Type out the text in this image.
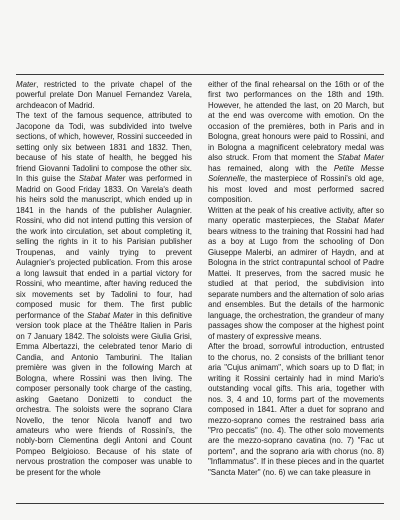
Mater, restricted to the private chapel of the powerful prelate Don Manuel Fernandez Varela, archdeacon of Madrid.

The text of the famous sequence, attributed to Jacopone da Todi, was subdivided into twelve sections, of which, however, Rossini succeeded in setting only six between 1831 and 1832. Then, because of his state of health, he begged his friend Giovanni Tadolini to compose the other six. In this guise the Stabat Mater was performed in Madrid on Good Friday 1833. On Varela's death his heirs sold the manuscript, which ended up in 1841 in the hands of the publisher Aulagnier. Rossini, who did not intend putting this version of the work into circulation, set about completing it, selling the rights in it to his Parisian publisher Troupenas, and vainly trying to prevent Aulagnier's projected publication. From this arose a long lawsuit that ended in a partial victory for Rossini, who meantime, after having reduced the six movements set by Tadolini to four, had composed music for them. The first public performance of the Stabat Mater in this definitive version took place at the Théâtre Italien in Paris on 7 January 1842. The soloists were Giulia Grisi, Emma Albertazzi, the celebrated tenor Mario di Candia, and Antonio Tamburini. The Italian première was given in the following March at Bologna, where Rossini was then living. The composer personally took charge of the casting, asking Gaetano Donizetti to conduct the orchestra. The soloists were the soprano Clara Novello, the tenor Nicola Ivanoff and two amateurs who were friends of Rossini's, the nobly-born Clementina degli Antoni and Count Pompeo Belgioioso. Because of his state of nervous prostration the composer was unable to be present for the whole

either of the final rehearsal on the 16th or of the first two performances on the 18th and 19th. However, he attended the last, on 20 March, but at the end was overcome with emotion. On the occasion of the premières, both in Paris and in Bologna, great honours were paid to Rossini, and in Bologna a magnificent celebratory medal was also struck. From that moment the Stabat Mater has remained, along with the Petite Messe Solennelle, the masterpiece of Rossini's old age, his most loved and most performed sacred composition.

Written at the peak of his creative activity, after so many operatic masterpieces, the Stabat Mater bears witness to the training that Rossini had had as a boy at Lugo from the schooling of Don Giuseppe Malerbi, an admirer of Haydn, and at Bologna in the strict contrapuntal school of Padre Mattei. It preserves, from the sacred music he studied at that period, the subdivision into separate numbers and the alternation of solo arias and ensembles. But the details of the harmonic language, the orchestration, the grandeur of many passages show the composer at the highest point of mastery of expressive means.

After the broad, sorrowful introduction, entrusted to the chorus, no. 2 consists of the brilliant tenor aria "Cujus animam", which soars up to D flat; in writing it Rossini certainly had in mind Mario's outstanding vocal gifts. This aria, together with nos. 3, 4 and 10, forms part of the movements composed in 1841. After a duet for soprano and mezzo-soprano comes the restrained bass aria "Pro peccatis" (no. 4). The other solo movements are the mezzo-soprano cavatina (no. 7) "Fac ut portem", and the soprano aria with chorus (no. 8) "Inflammatus". If in these pieces and in the quartet "Sancta Mater" (no. 6) we can take pleasure in
